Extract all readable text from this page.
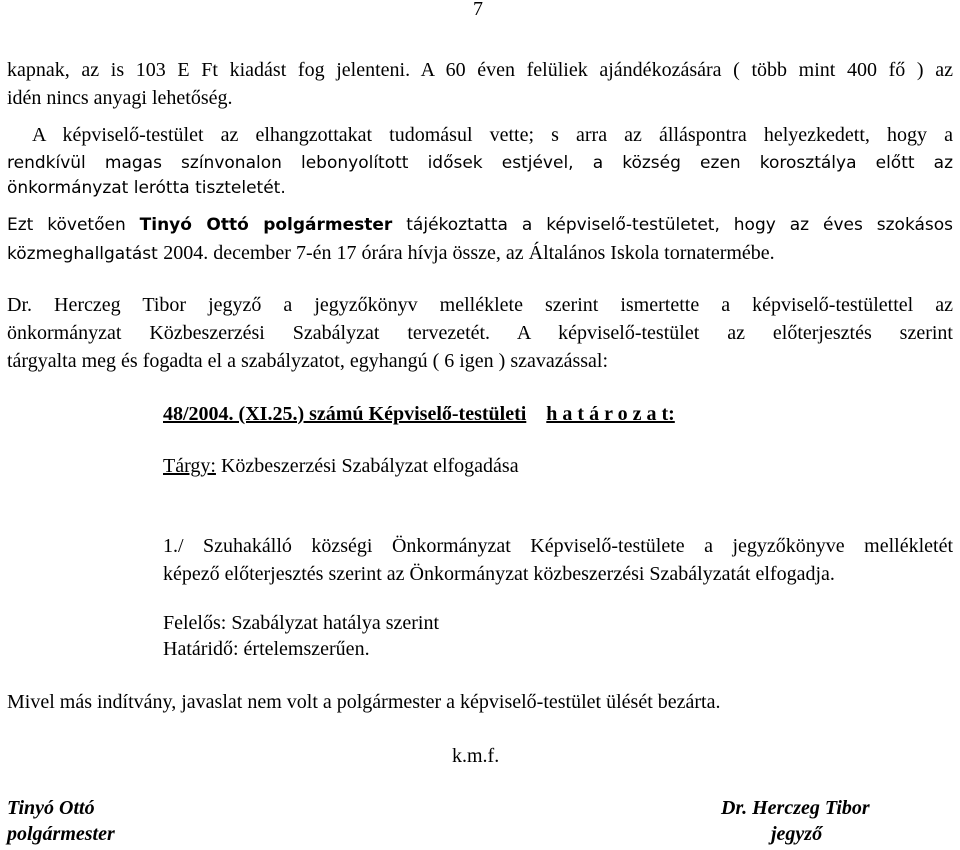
7
kapnak, az is 103 E Ft kiadást fog jelenteni. A 60 éven felüliek ajándékozására ( több mint 400 fő ) az
idén nincs anyagi lehetőség.
A képviselő-testület az elhangzottakat tudomásul vette; s arra az álláspontra helyezkedett, hogy a
rendkívül magas színvonalon lebonyolított idősek estjével, a község ezen korosztálya előtt az
önkormányzat lerótta tiszteletét.
Ezt követően Tinyó Ottó polgármester tájékoztatta a képviselő-testületet, hogy az éves szokásos
közmeghallgatást 2004. december 7-én 17 órára hívja össze, az Általános Iskola tornatermébe.
Dr. Herczeg Tibor jegyző a jegyzőkönyv melléklete szerint ismertette a képviselő-testülettel az
önkormányzat Közbeszerzési Szabályzat tervezetét. A képviselő-testület az előterjesztés szerint
tárgyalta meg és fogadta el a szabályzatot, egyhangú ( 6 igen ) szavazással:
48/2004. (XI.25.) számú Képviselő-testületi h a t á r o z a t:
Tárgy: Közbeszerzési Szabályzat elfogadása
1./ Szuhakálló községi Önkormányzat Képviselő-testülete a jegyzőkönyve mellékletét
képező előterjesztés szerint az Önkormányzat közbeszerzési Szabályzatát elfogadja.
Felelős: Szabályzat hatálya szerint
Határidő: értelemszerűen.
Mivel más indítvány, javaslat nem volt a polgármester a képviselő-testület ülését bezárta.
k.m.f.
Tinyó Ottó
polgármester
Dr. Herczeg Tibor
jegyző
